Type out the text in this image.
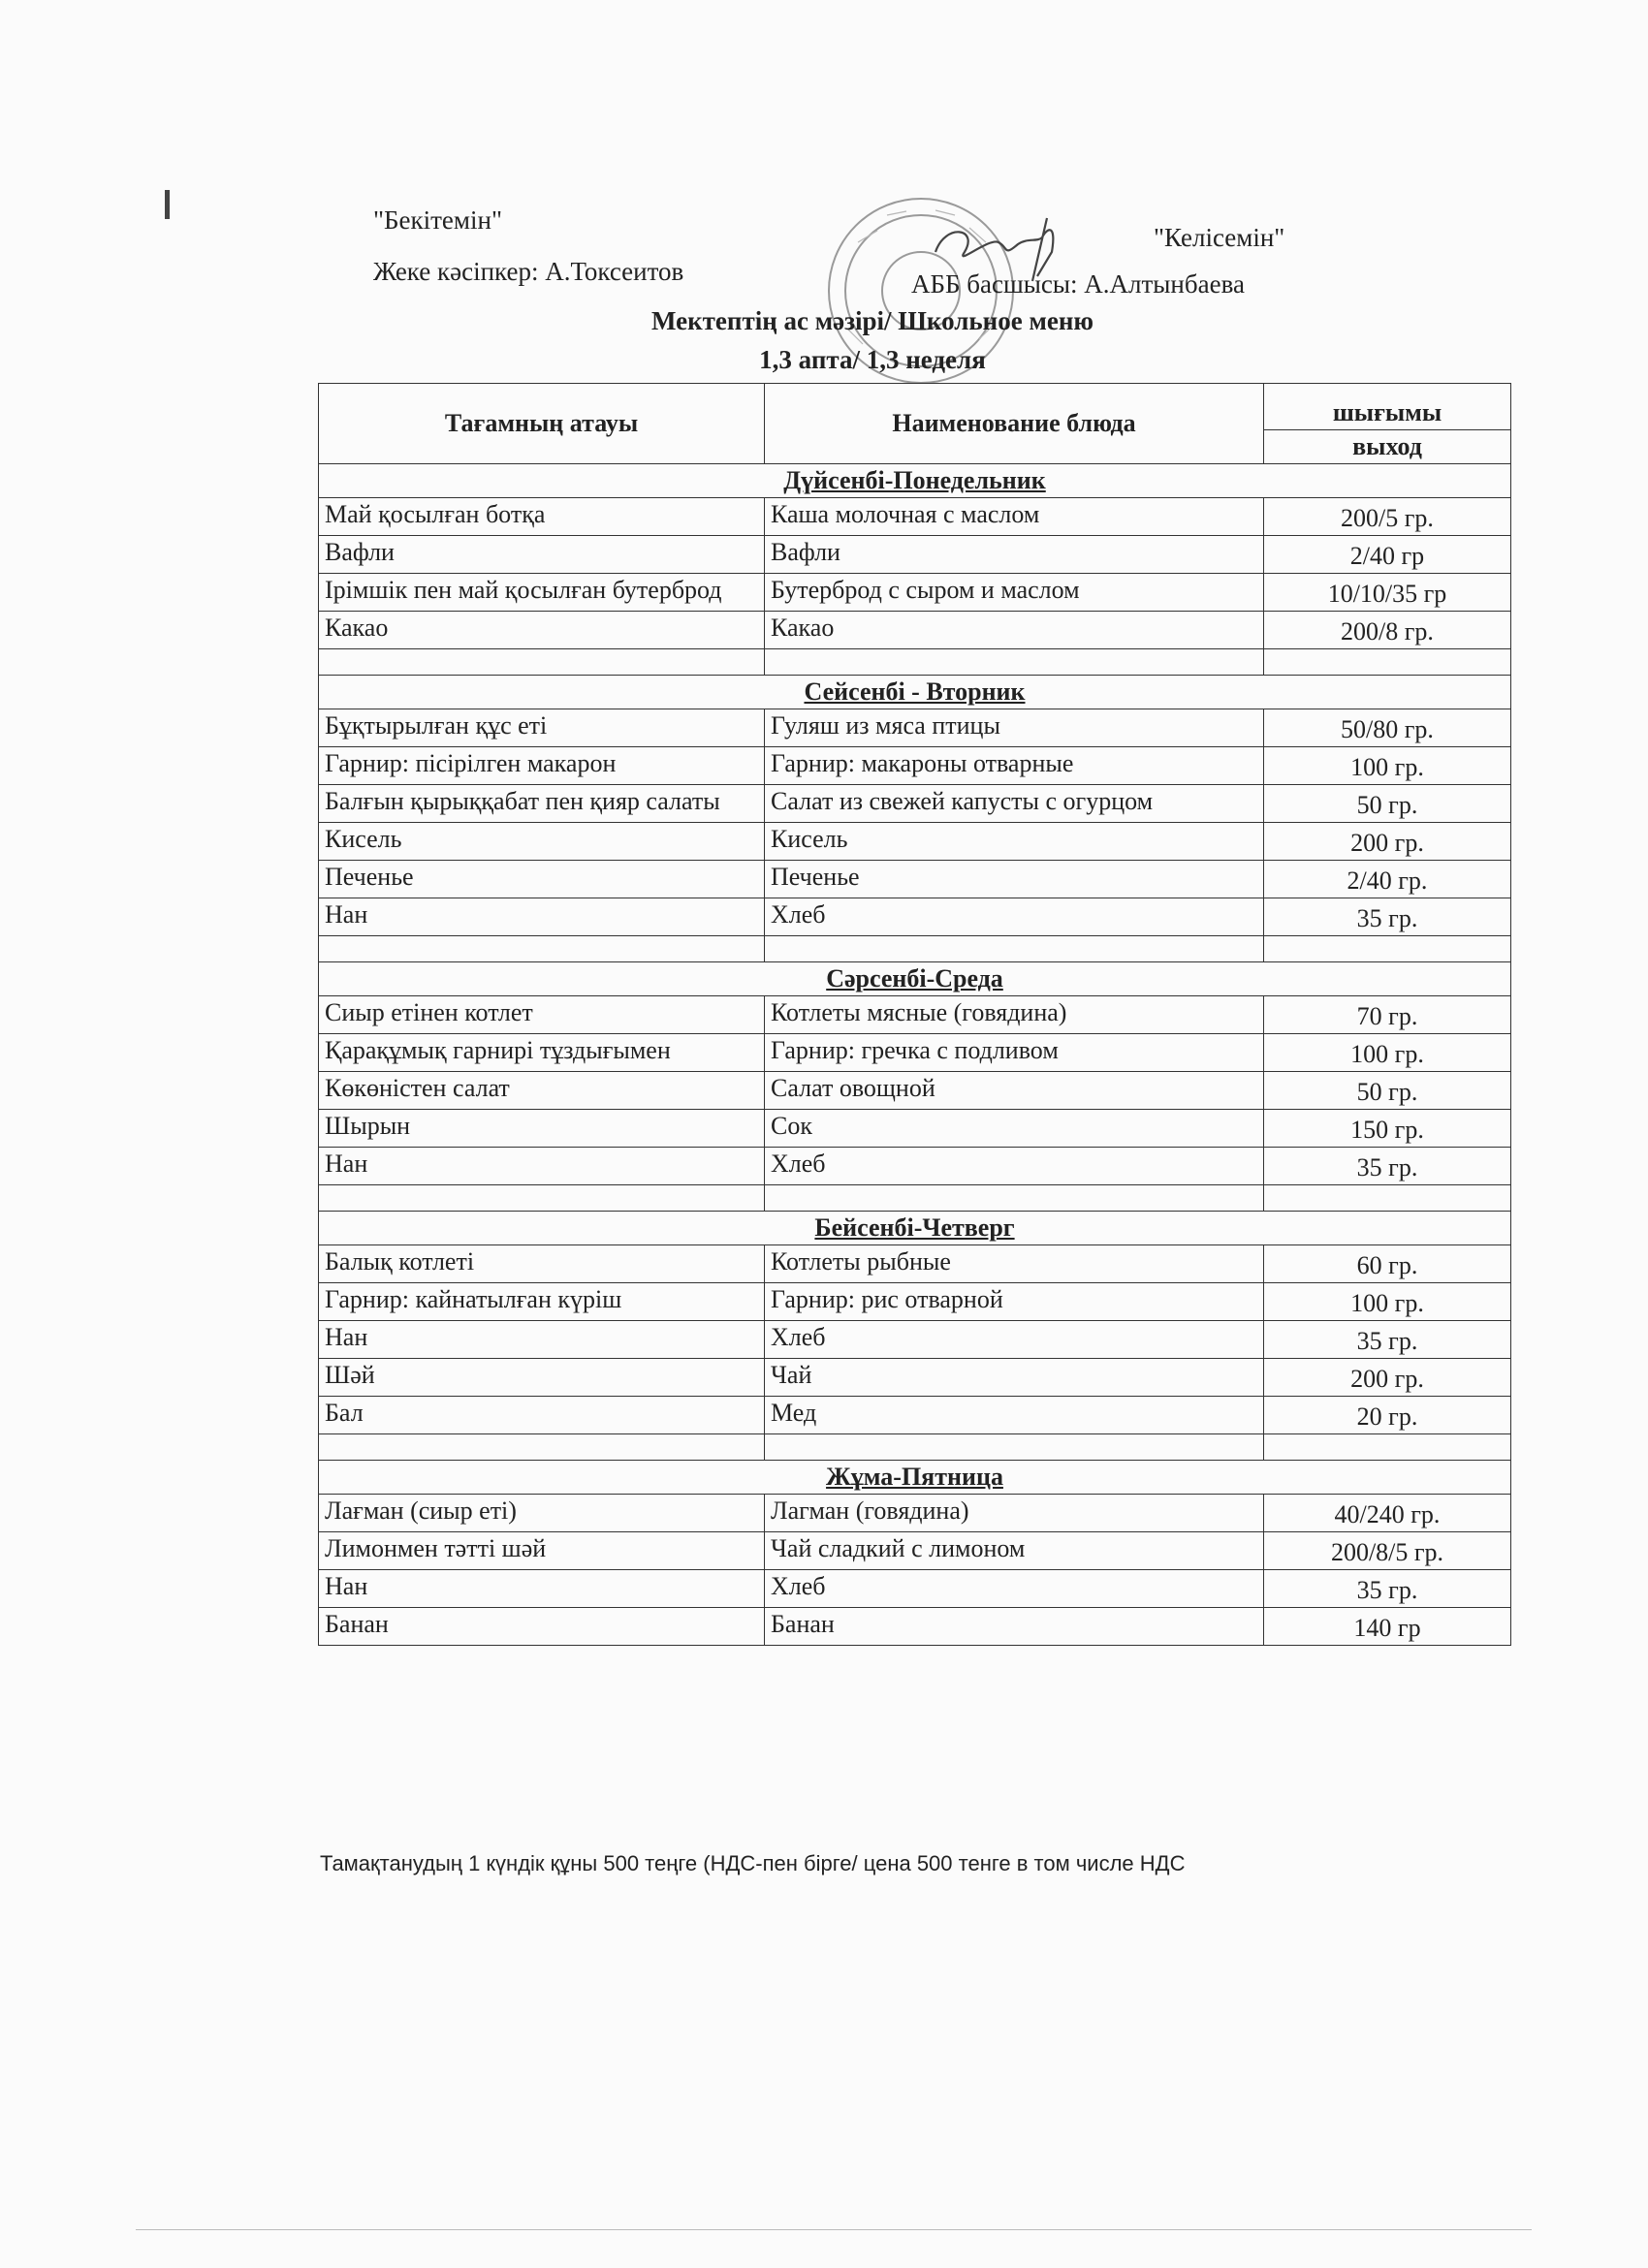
"Бекітемін"
Жеке кәсіпкер: А.Токсеитов
"Келісемін"
АББ басшысы: А.Алтынбаева
Мектептің ас мәзірі/ Школьное меню
1,3 апта/ 1,3 неделя
Тағамның атауы	Наименование блюда	шығымы
		выход
Дүйсенбі-Понедельник		
Май қосылған ботқа	Каша молочная с маслом	200/5 гр.
Вафли	Вафли	2/40 гр
Ірімшік пен май қосылған бутерброд	Бутерброд с сыром и маслом	10/10/35 гр
Какао	Какао	200/8 гр.

Сейсенбі - Вторник		
Бұқтырылған құс еті	Гуляш из мяса птицы	50/80 гр.
Гарнир: пісірілген макарон	Гарнир: макароны отварные	100 гр.
Балғын қырыққабат пен қияр салаты	Салат из свежей капусты с огурцом	50 гр.
Кисель	Кисель	200 гр.
Печенье	Печенье	2/40 гр.
Нан	Хлеб	35 гр.

Сәрсенбі-Среда		
Сиыр етінен котлет	Котлеты мясные (говядина)	70 гр.
Қарақұмық гарнирі тұздығымен	Гарнир: гречка с подливом	100 гр.
Көкөністен салат	Салат овощной	50 гр.
Шырын	Сок	150 гр.
Нан	Хлеб	35 гр.

Бейсенбі-Четверг		
Балық котлеті	Котлеты рыбные	60 гр.
Гарнир: кайнатылған күріш	Гарнир: рис отварной	100 гр.
Нан	Хлеб	35 гр.
Шәй	Чай	200 гр.
Бал	Мед	20 гр.

Жұма-Пятница		
Лағман (сиыр еті)	Лагман (говядина)	40/240 гр.
Лимонмен тәтті шәй	Чай сладкий с лимоном	200/8/5 гр.
Нан	Хлеб	35 гр.
Банан	Банан	140 гр
Тамақтанудың 1 күндік құны 500 теңге (НДС-пен бірге/ цена 500 тенге в том числе НДС
